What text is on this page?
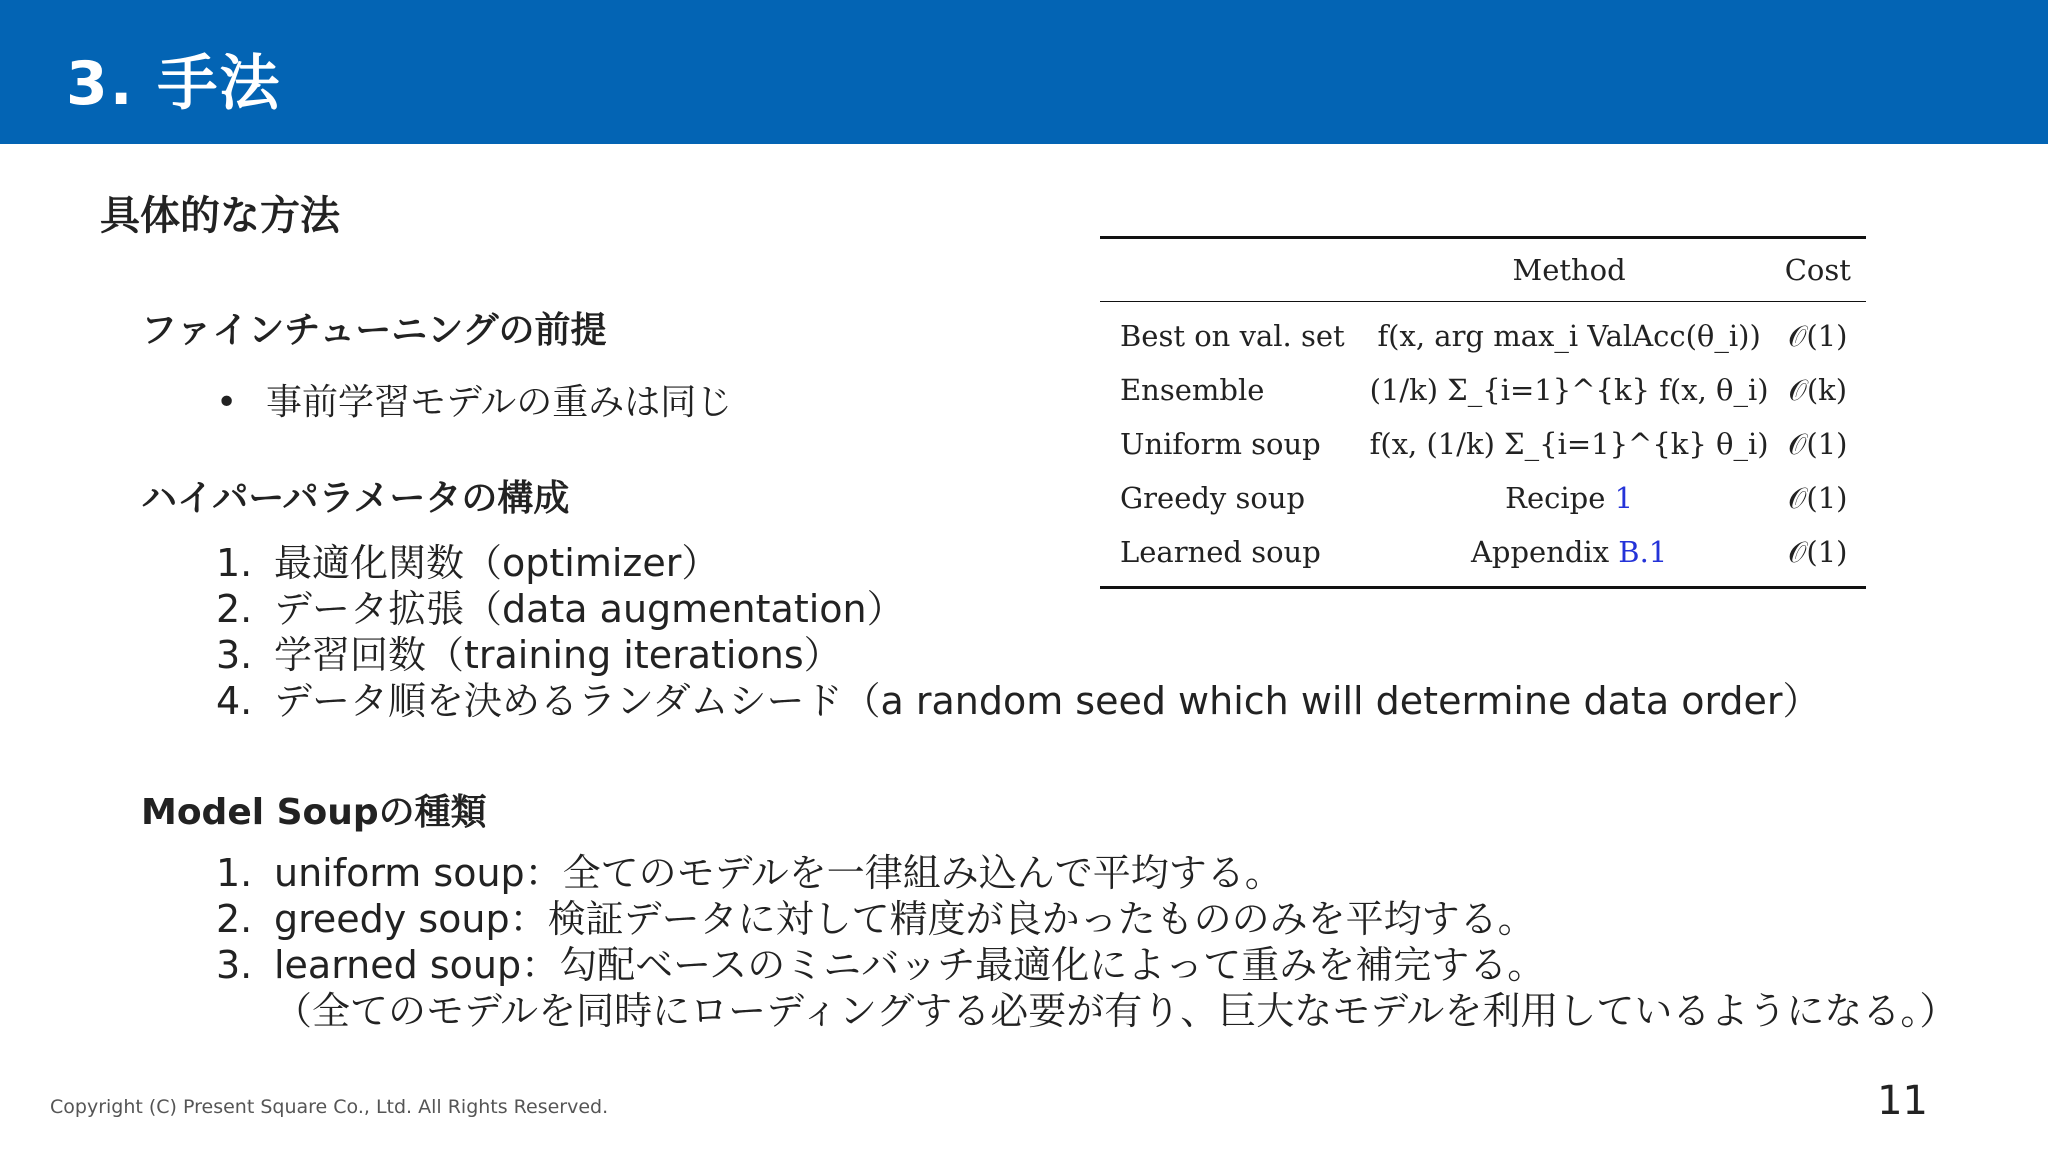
3. 手法
具体的な方法
ファインチューニングの前提
• 事前学習モデルの重みは同じ
ハイパーパラメータの構成
1. 最適化関数（optimizer）
2. データ拡張（data augmentation）
3. 学習回数（training iterations）
4. データ順を決めるランダムシード（a random seed which will determine data order）
Model Soupの種類
1. uniform soup：全てのモデルを一律組み込んで平均する。
2. greedy soup：検証データに対して精度が良かったもののみを平均する。
3. learned soup：勾配ベースのミニバッチ最適化によって重みを補完する。
（全てのモデルを同時にローディングする必要が有り、巨大なモデルを利用しているようになる。）
	Method	Cost
Best on val. set	f(x, arg max_i ValAcc(θ_i))	𝒪(1)
Ensemble	(1/k) Σ_{i=1}^{k} f(x, θ_i)	𝒪(k)
Uniform soup	f(x, (1/k) Σ_{i=1}^{k} θ_i)	𝒪(1)
Greedy soup	Recipe 1	𝒪(1)
Learned soup	Appendix B.1	𝒪(1)
Copyright (C) Present Square Co., Ltd. All Rights Reserved.	11
